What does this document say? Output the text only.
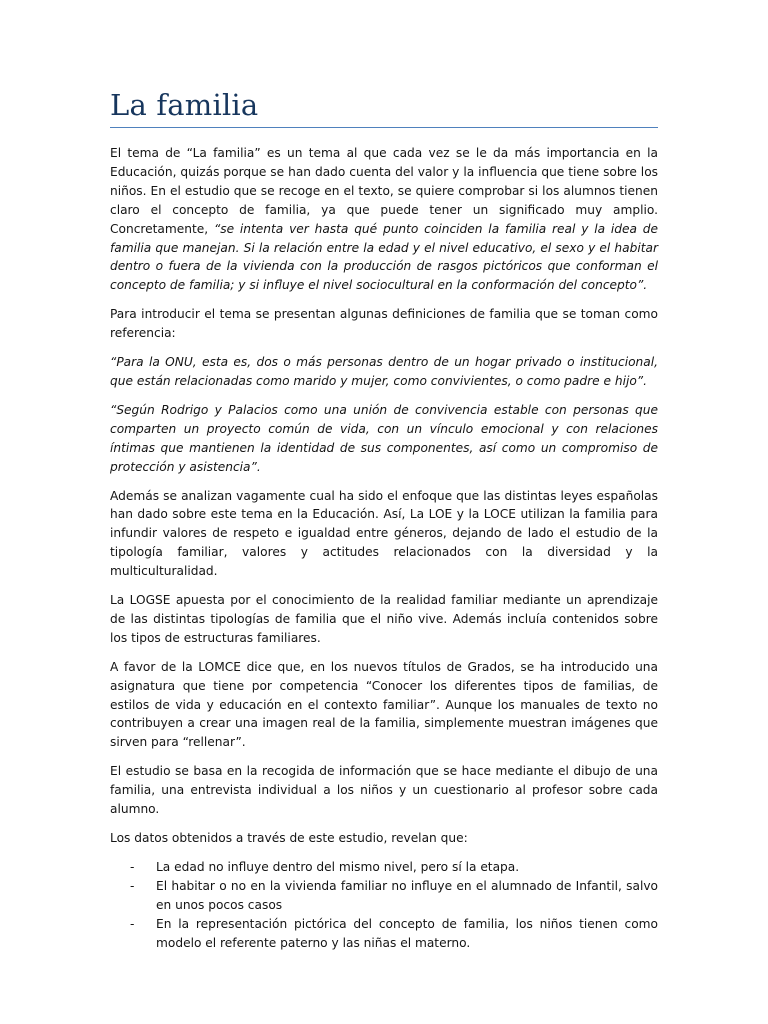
La familia

El tema de “La familia” es un tema al que cada vez se le da más importancia en la Educación, quizás porque se han dado cuenta del valor y la influencia que tiene sobre los niños. En el estudio que se recoge en el texto, se quiere comprobar si los alumnos tienen claro el concepto de familia, ya que puede tener un significado muy amplio. Concretamente, “se intenta ver hasta qué punto coinciden la familia real y la idea de familia que manejan. Si la relación entre la edad y el nivel educativo, el sexo y el habitar dentro o fuera de la vivienda con la producción de rasgos pictóricos que conforman el concepto de familia; y si influye el nivel sociocultural en la conformación del concepto”.

Para introducir el tema se presentan algunas definiciones de familia que se toman como referencia:

“Para la ONU, esta es, dos o más personas dentro de un hogar privado o institucional, que están relacionadas como marido y mujer, como convivientes, o como padre e hijo”.

“Según Rodrigo y Palacios como una unión de convivencia estable con personas que comparten un proyecto común de vida, con un vínculo emocional y con relaciones íntimas que mantienen la identidad de sus componentes, así como un compromiso de protección y asistencia”.

Además se analizan vagamente cual ha sido el enfoque que las distintas leyes españolas han dado sobre este tema en la Educación. Así, La LOE y la LOCE utilizan la familia para infundir valores de respeto e igualdad entre géneros, dejando de lado el estudio de la tipología familiar, valores y actitudes relacionados con la diversidad y la multiculturalidad.

La LOGSE apuesta por el conocimiento de la realidad familiar mediante un aprendizaje de las distintas tipologías de familia que el niño vive. Además incluía contenidos sobre los tipos de estructuras familiares.

A favor de la LOMCE dice que, en los nuevos títulos de Grados, se ha introducido una asignatura que tiene por competencia “Conocer los diferentes tipos de familias, de estilos de vida y educación en el contexto familiar”. Aunque los manuales de texto no contribuyen a crear una imagen real de la familia, simplemente muestran imágenes que sirven para “rellenar”.

El estudio se basa en la recogida de información que se hace mediante el dibujo de una familia, una entrevista individual a los niños y un cuestionario al profesor sobre cada alumno.

Los datos obtenidos a través de este estudio, revelan que:

- La edad no influye dentro del mismo nivel, pero sí la etapa.
- El habitar o no en la vivienda familiar no influye en el alumnado de Infantil, salvo en unos pocos casos
- En la representación pictórica del concepto de familia, los niños tienen como modelo el referente paterno y las niñas el materno.
